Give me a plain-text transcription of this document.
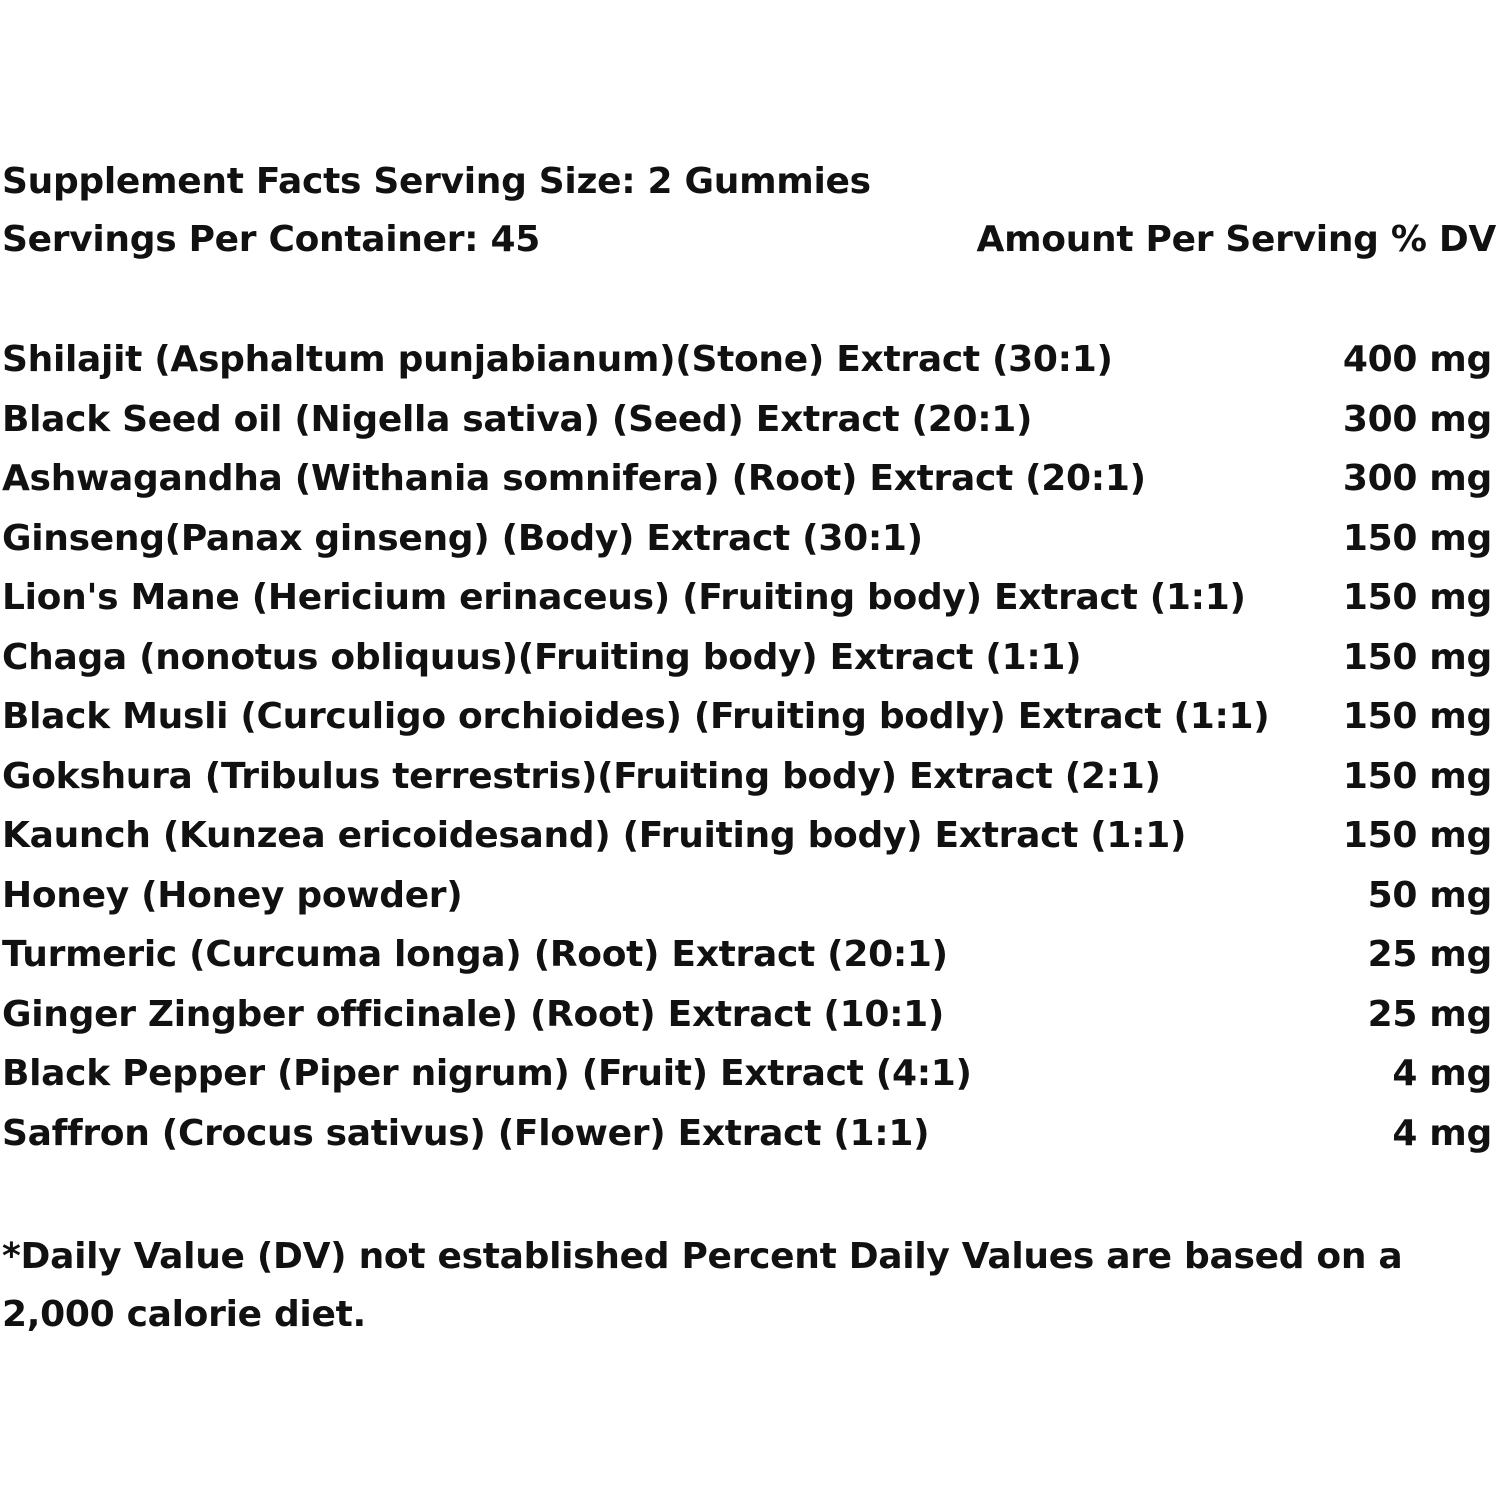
Supplement Facts Serving Size: 2 Gummies
Servings Per Container: 45	Amount Per Serving % DV
Shilajit (Asphaltum punjabianum)(Stone) Extract (30:1)	400 mg
Black Seed oil (Nigella sativa) (Seed) Extract (20:1)	300 mg
Ashwagandha (Withania somnifera) (Root) Extract (20:1)	300 mg
Ginseng(Panax ginseng) (Body) Extract (30:1)	150 mg
Lion's Mane (Hericium erinaceus) (Fruiting body) Extract (1:1)	150 mg
Chaga (nonotus obliquus)(Fruiting body) Extract (1:1)	150 mg
Black Musli (Curculigo orchioides) (Fruiting bodly) Extract (1:1)	150 mg
Gokshura (Tribulus terrestris)(Fruiting body) Extract (2:1)	150 mg
Kaunch (Kunzea ericoidesand) (Fruiting body) Extract (1:1)	150 mg
Honey (Honey powder)	50 mg
Turmeric (Curcuma longa) (Root) Extract (20:1)	25 mg
Ginger Zingber officinale) (Root) Extract (10:1)	25 mg
Black Pepper (Piper nigrum) (Fruit) Extract (4:1)	4 mg
Saffron (Crocus sativus) (Flower) Extract (1:1)	4 mg
*Daily Value (DV) not established Percent Daily Values are based on a 2,000 calorie diet.
